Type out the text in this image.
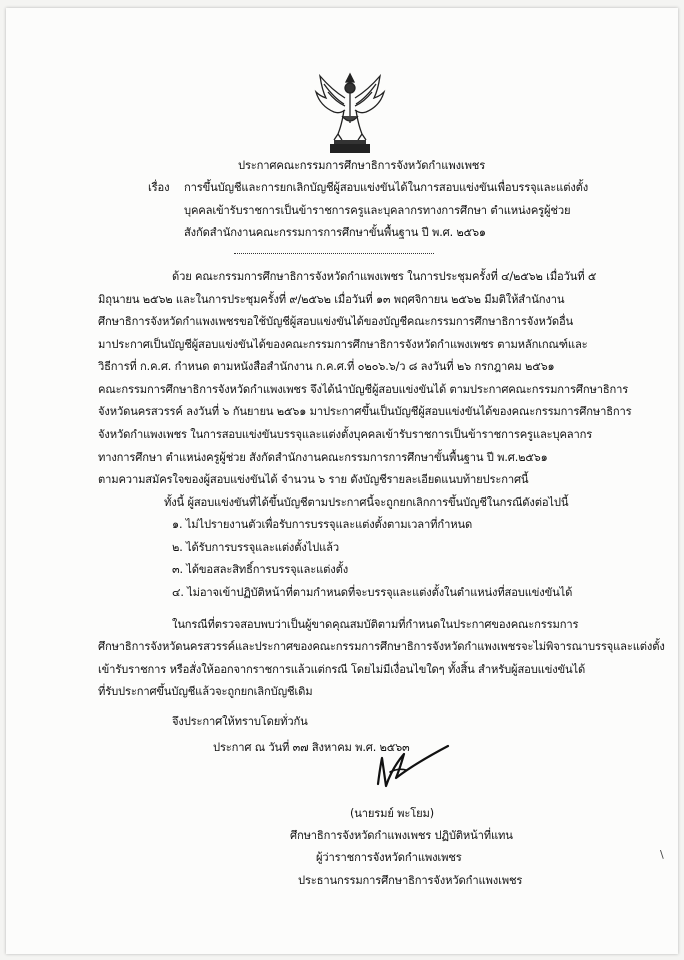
ประกาศคณะกรรมการศึกษาธิการจังหวัดกำแพงเพชร
เรื่อง การขึ้นบัญชีและการยกเลิกบัญชีผู้สอบแข่งขันได้ในการสอบแข่งขันเพื่อบรรจุและแต่งตั้ง
บุคคลเข้ารับราชการเป็นข้าราชการครูและบุคลากรทางการศึกษา ตำแหน่งครูผู้ช่วย
สังกัดสำนักงานคณะกรรมการการศึกษาขั้นพื้นฐาน ปี พ.ศ. ๒๕๖๑
ด้วย คณะกรรมการศึกษาธิการจังหวัดกำแพงเพชร ในการประชุมครั้งที่ ๔/๒๕๖๒ เมื่อวันที่ ๕
มิถุนายน ๒๕๖๒ และในการประชุมครั้งที่ ๙/๒๕๖๒ เมื่อวันที่ ๑๓ พฤศจิกายน ๒๕๖๒ มีมติให้สำนักงาน
ศึกษาธิการจังหวัดกำแพงเพชรขอใช้บัญชีผู้สอบแข่งขันได้ของบัญชีคณะกรรมการศึกษาธิการจังหวัดอื่น
มาประกาศเป็นบัญชีผู้สอบแข่งขันได้ของคณะกรรมการศึกษาธิการจังหวัดกำแพงเพชร ตามหลักเกณฑ์และ
วิธีการที่ ก.ค.ศ. กำหนด ตามหนังสือสำนักงาน ก.ค.ศ.ที่ ๐๒๐๖.๖/ว ๘ ลงวันที่ ๒๖ กรกฎาคม ๒๕๖๑
คณะกรรมการศึกษาธิการจังหวัดกำแพงเพชร จึงได้นำบัญชีผู้สอบแข่งขันได้ ตามประกาศคณะกรรมการศึกษาธิการ
จังหวัดนครสวรรค์ ลงวันที่ ๖ กันยายน ๒๕๖๑ มาประกาศขึ้นเป็นบัญชีผู้สอบแข่งขันได้ของคณะกรรมการศึกษาธิการ
จังหวัดกำแพงเพชร ในการสอบแข่งขันบรรจุและแต่งตั้งบุคคลเข้ารับราชการเป็นข้าราชการครูและบุคลากร
ทางการศึกษา ตำแหน่งครูผู้ช่วย สังกัดสำนักงานคณะกรรมการการศึกษาขั้นพื้นฐาน ปี พ.ศ.๒๕๖๑
ตามความสมัครใจของผู้สอบแข่งขันได้ จำนวน ๖ ราย ดังบัญชีรายละเอียดแนบท้ายประกาศนี้
ทั้งนี้ ผู้สอบแข่งขันที่ได้ขึ้นบัญชีตามประกาศนี้จะถูกยกเลิกการขึ้นบัญชีในกรณีดังต่อไปนี้
๑. ไม่ไปรายงานตัวเพื่อรับการบรรจุและแต่งตั้งตามเวลาที่กำหนด
๒. ได้รับการบรรจุและแต่งตั้งไปแล้ว
๓. ได้ขอสละสิทธิ์การบรรจุและแต่งตั้ง
๔. ไม่อาจเข้าปฏิบัติหน้าที่ตามกำหนดที่จะบรรจุและแต่งตั้งในตำแหน่งที่สอบแข่งขันได้
ในกรณีที่ตรวจสอบพบว่าเป็นผู้ขาดคุณสมบัติตามที่กำหนดในประกาศของคณะกรรมการ
ศึกษาธิการจังหวัดนครสวรรค์และประกาศของคณะกรรมการศึกษาธิการจังหวัดกำแพงเพชรจะไม่พิจารณาบรรจุและแต่งตั้ง
เข้ารับราชการ หรือสั่งให้ออกจากราชการแล้วแต่กรณี โดยไม่มีเงื่อนไขใดๆ ทั้งสิ้น สำหรับผู้สอบแข่งขันได้
ที่รับประกาศขึ้นบัญชีแล้วจะถูกยกเลิกบัญชีเดิม
จึงประกาศให้ทราบโดยทั่วกัน
ประกาศ ณ วันที่ ๓๗ สิงหาคม พ.ศ. ๒๕๖๓
(นายรมย์ พะโยม)
ศึกษาธิการจังหวัดกำแพงเพชร ปฏิบัติหน้าที่แทน
ผู้ว่าราชการจังหวัดกำแพงเพชร
ประธานกรรมการศึกษาธิการจังหวัดกำแพงเพชร
\
